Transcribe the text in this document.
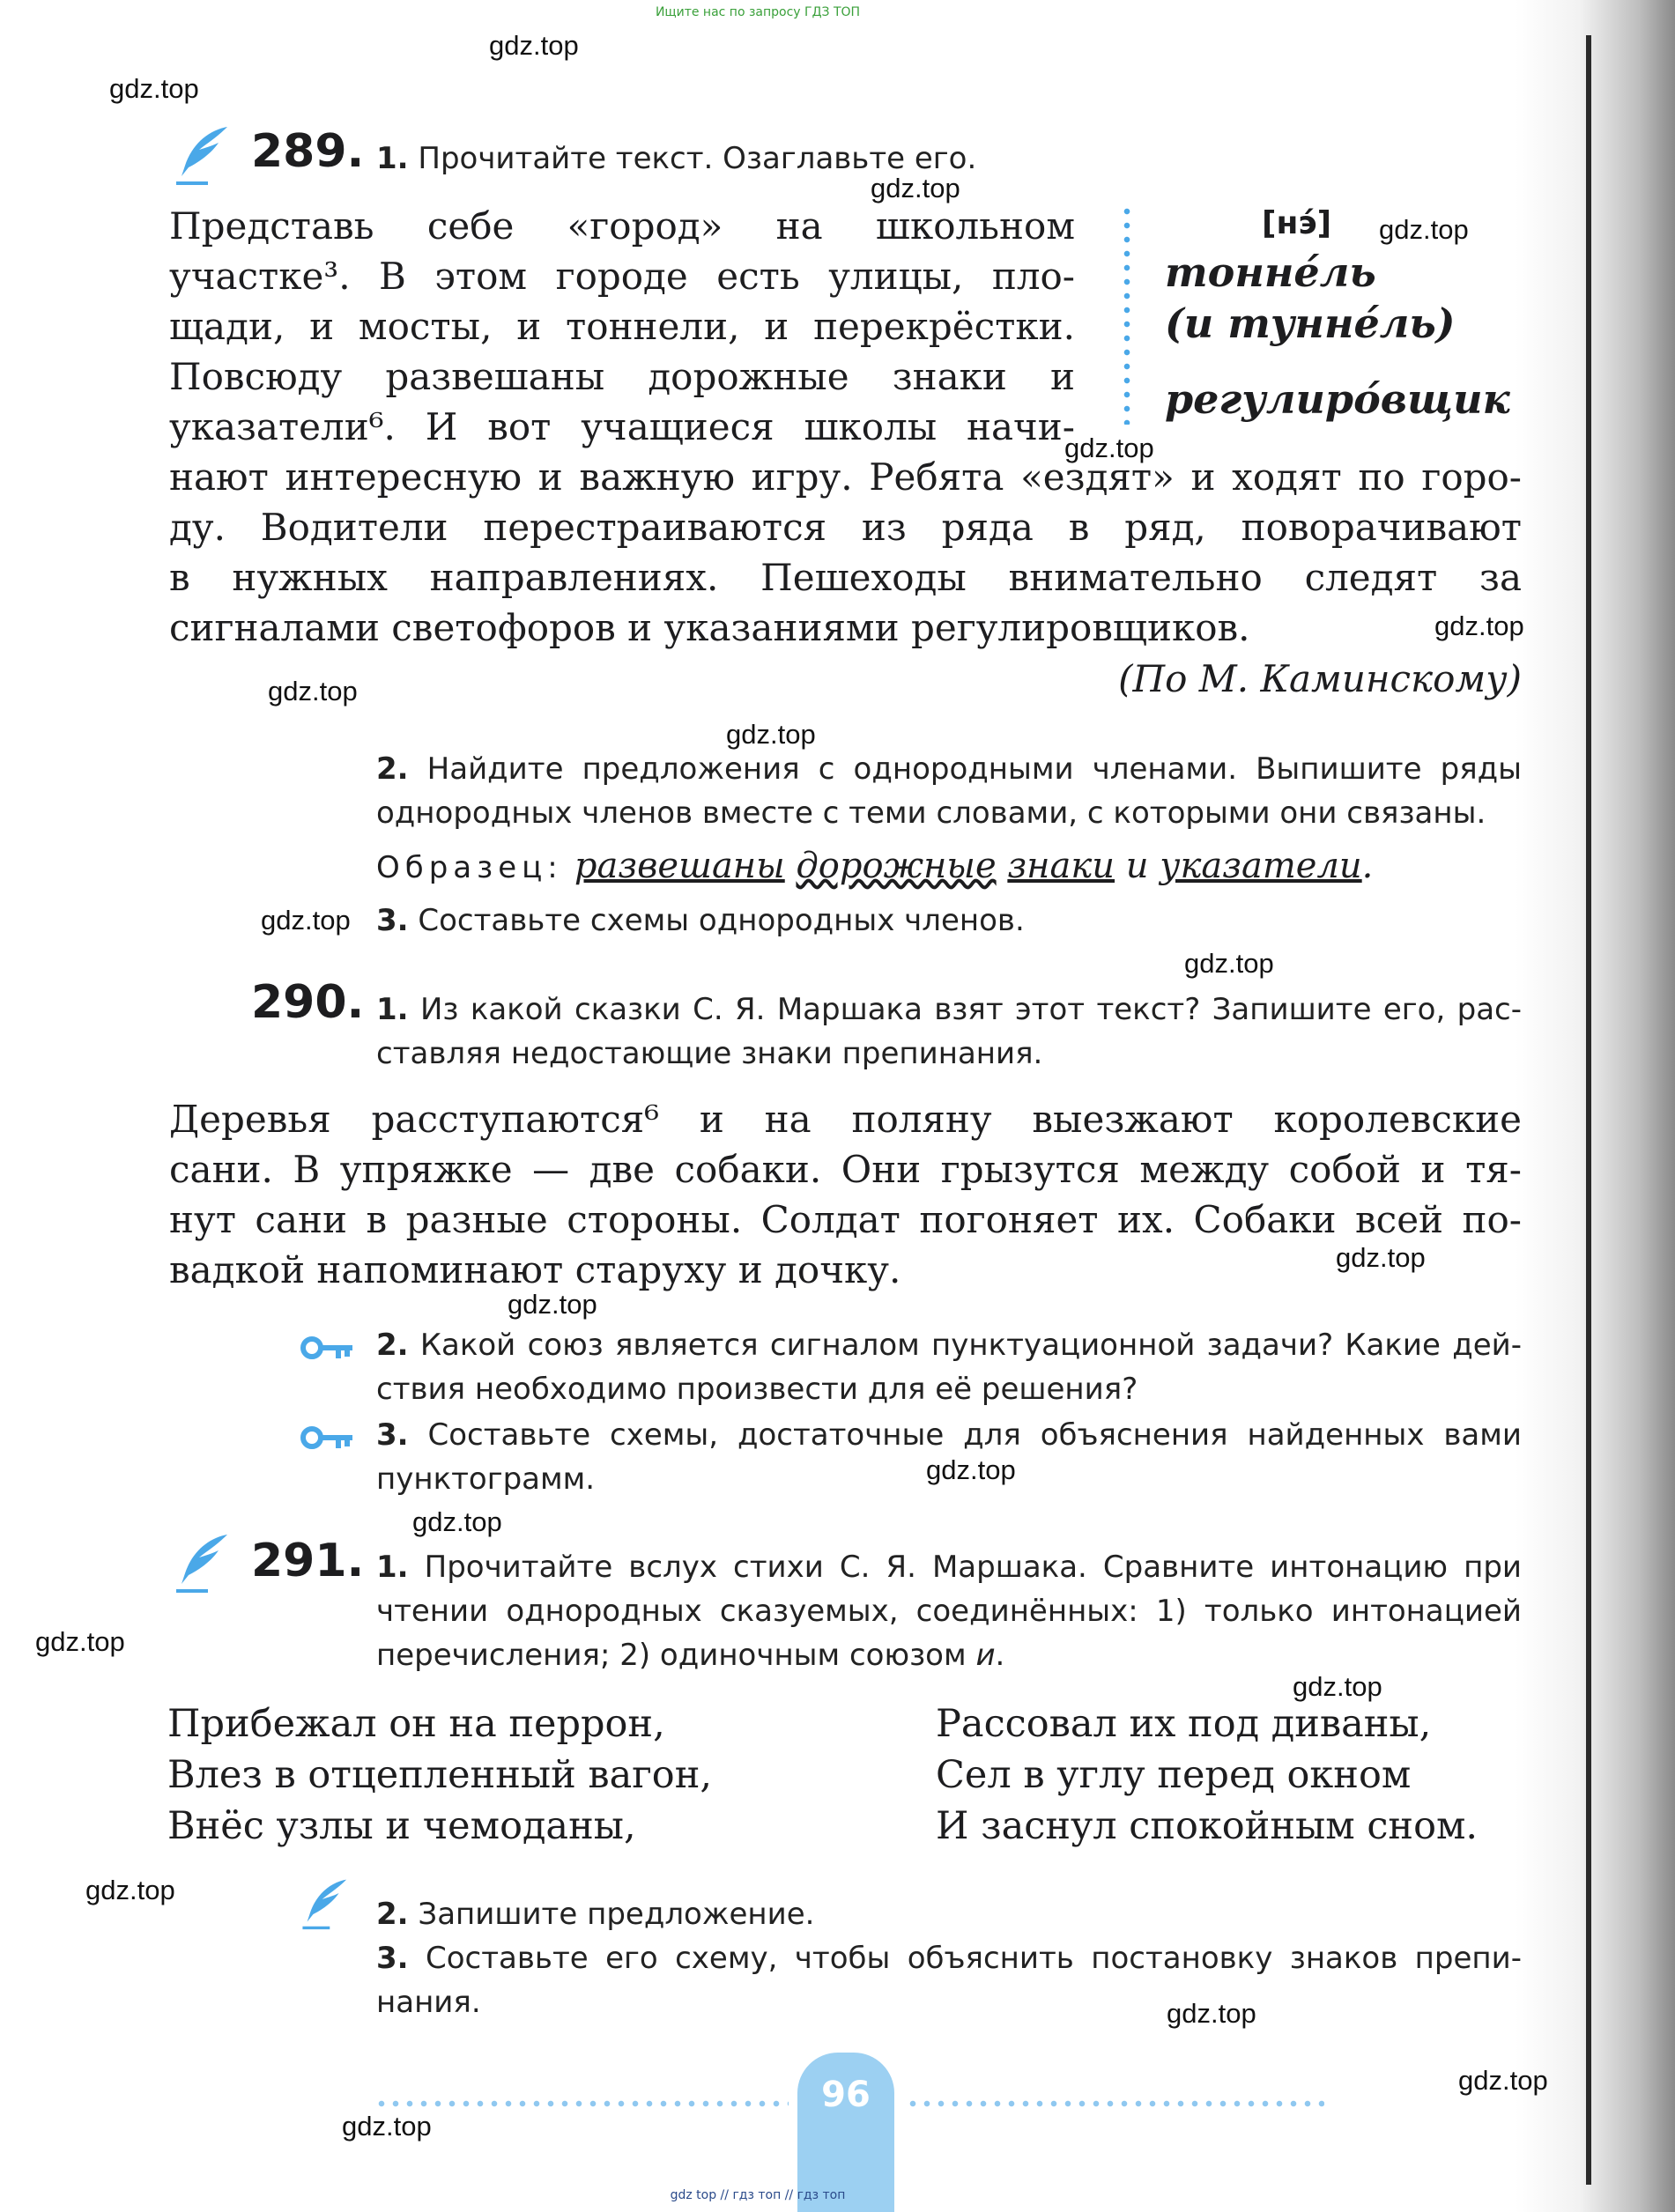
Ищите нас по запросу ГДЗ ТОП
gdz.top
gdz.top
gdz.top
gdz.top
gdz.top
gdz.top
gdz.top
gdz.top
gdz.top
gdz.top
gdz.top
gdz.top
gdz.top
gdz.top
gdz.top
gdz.top
gdz.top
gdz.top
gdz.top
gdz.top
289. 1. Прочитайте текст. Озаглавьте его.
Представь себе «город» на школьном
участке³. В этом городе есть улицы, пло-
щади, и мосты, и тоннели, и перекрёстки.
Повсюду развешаны дорожные знаки и
указатели⁶. И вот учащиеся школы начи-
[нэ́]
тонне́ль
(и тунне́ль)
регулиро́вщик
нают интересную и важную игру. Ребята «ездят» и ходят по горо-
ду. Водители перестраиваются из ряда в ряд, поворачивают
в нужных направлениях. Пешеходы внимательно следят за
сигналами светофоров и указаниями регулировщиков.
(По М. Каминскому)
2. Найдите предложения с однородными членами. Выпишите ряды
однородных членов вместе с теми словами, с которыми они связаны.
Образец: развешаны дорожные знаки и указатели.
3. Составьте схемы однородных членов.
290. 1. Из какой сказки С. Я. Маршака взят этот текст? Запишите его, рас-
ставляя недостающие знаки препинания.
Деревья расступаются⁶ и на поляну выезжают королевские
сани. В упряжке — две собаки. Они грызутся между собой и тя-
нут сани в разные стороны. Солдат погоняет их. Собаки всей по-
вадкой напоминают старуху и дочку.
2. Какой союз является сигналом пунктуационной задачи? Какие дей-
ствия необходимо произвести для её решения?
3. Составьте схемы, достаточные для объяснения найденных вами
пунктограмм.
291. 1. Прочитайте вслух стихи С. Я. Маршака. Сравните интонацию при
чтении однородных сказуемых, соединённых: 1) только интонацией
перечисления; 2) одиночным союзом и.
Прибежал он на перрон,
Влез в отцепленный вагон,
Внёс узлы и чемоданы,
Рассовал их под диваны,
Сел в углу перед окном
И заснул спокойным сном.
2. Запишите предложение.
3. Составьте его схему, чтобы объяснить постановку знаков препи-
нания.
96
gdz top // гдз топ // гдз топ
